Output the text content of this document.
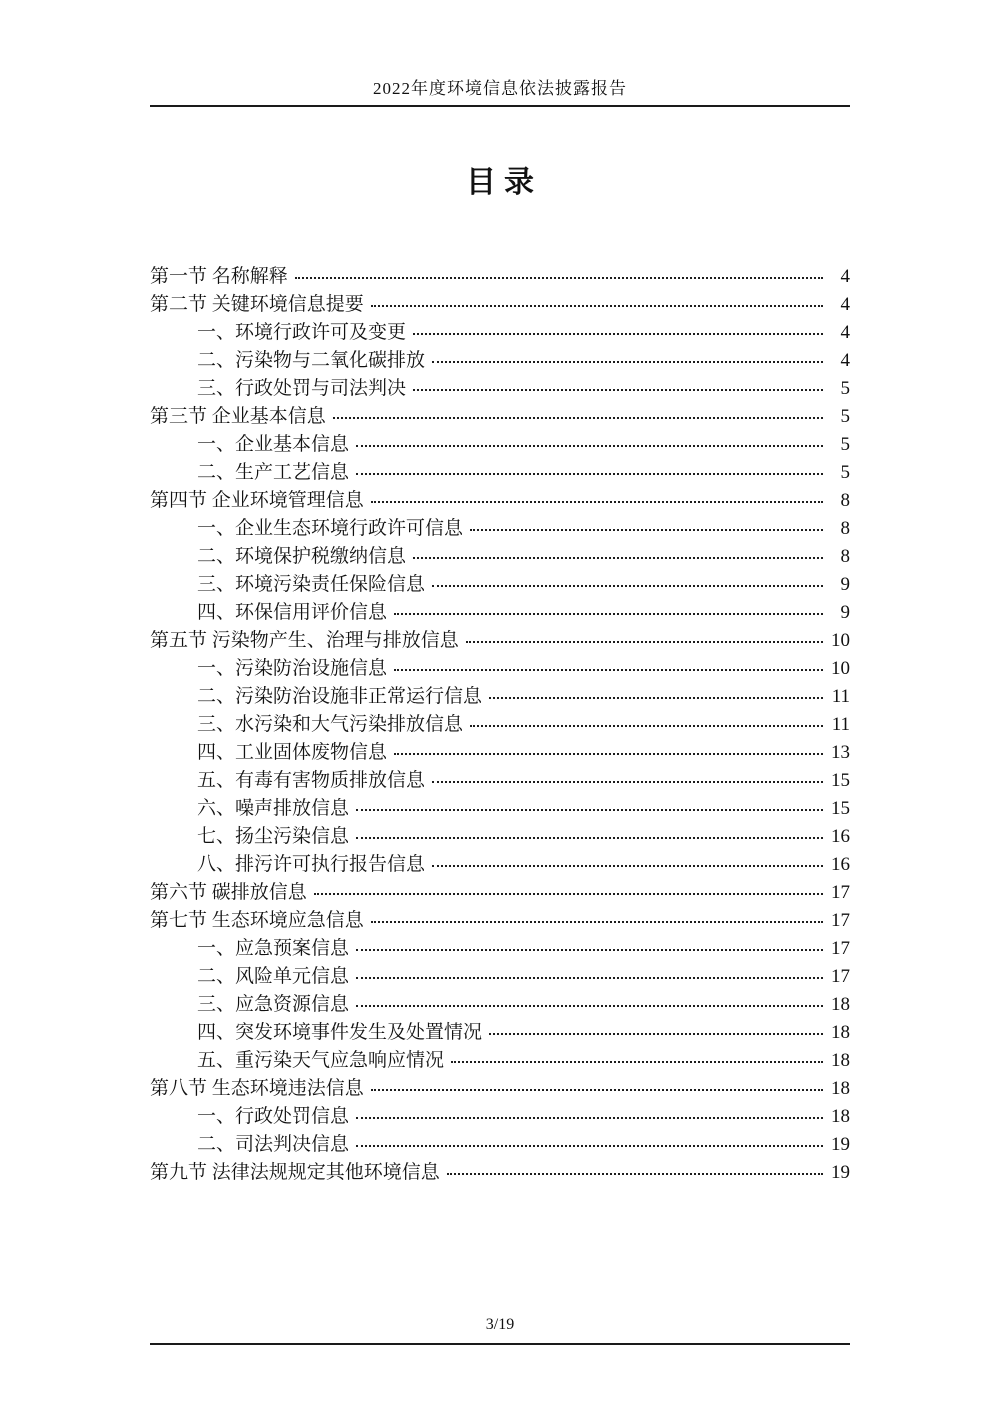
2022年度环境信息依法披露报告
目录
第一节 名称解释	4
第二节 关键环境信息提要	4
一、环境行政许可及变更	4
二、污染物与二氧化碳排放	4
三、行政处罚与司法判决	5
第三节 企业基本信息	5
一、企业基本信息	5
二、生产工艺信息	5
第四节 企业环境管理信息	8
一、企业生态环境行政许可信息	8
二、环境保护税缴纳信息	8
三、环境污染责任保险信息	9
四、环保信用评价信息	9
第五节 污染物产生、治理与排放信息	10
一、污染防治设施信息	10
二、污染防治设施非正常运行信息	11
三、水污染和大气污染排放信息	11
四、工业固体废物信息	13
五、有毒有害物质排放信息	15
六、噪声排放信息	15
七、扬尘污染信息	16
八、排污许可执行报告信息	16
第六节 碳排放信息	17
第七节 生态环境应急信息	17
一、应急预案信息	17
二、风险单元信息	17
三、应急资源信息	18
四、突发环境事件发生及处置情况	18
五、重污染天气应急响应情况	18
第八节 生态环境违法信息	18
一、行政处罚信息	18
二、司法判决信息	19
第九节 法律法规规定其他环境信息	19
3/19
